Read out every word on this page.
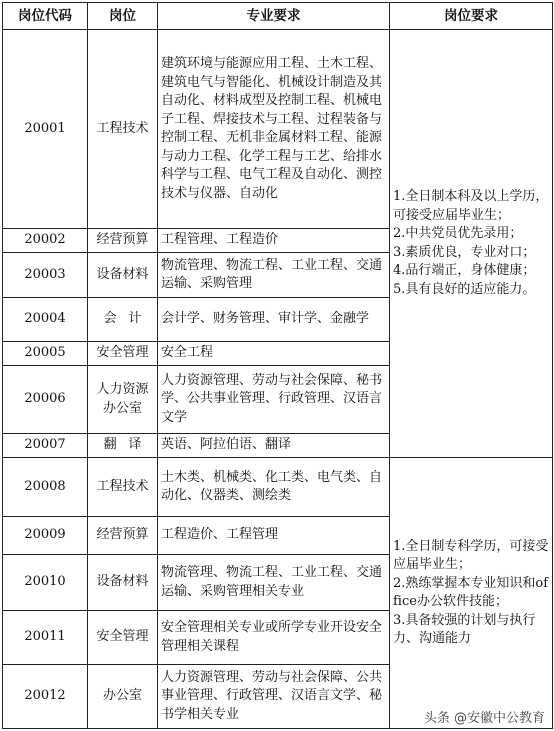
岗位代码	岗位	专业要求	岗位要求
20001	工程技术	建筑环境与能源应用工程、土木工程、建筑电气与智能化、机械设计制造及其自动化、材料成型及控制工程、机械电子工程、焊接技术与工程、过程装备与控制工程、无机非金属材料工程、能源与动力工程、化学工程与工艺、给排水科学与工程、电气工程及自动化、测控技术与仪器、自动化	1.全日制本科及以上学历，可接受应届毕业生；
2.中共党员优先录用；
3.素质优良，专业对口；
4.品行端正，身体健康；
5.具有良好的适应能力。

20002	经营预算	工程管理、工程造价	
20003	设备材料	物流管理、物流工程、工业工程、交通运输、采购管理	
20004	会计	会计学、财务管理、审计学、金融学	
20005	安全管理	安全工程	
20006	人力资源办公室	人力资源管理、劳动与社会保障、秘书学、公共事业管理、行政管理、汉语言文学	
20007	翻译	英语、阿拉伯语、翻译	
20008	工程技术	土木类、机械类、化工类、电气类、自动化、仪器类、测绘类	1.全日制专科学历，可接受应届毕业生；
2.熟练掌握本专业知识和office办公软件技能；
3.具备较强的计划与执行力、沟通能力

20009	经营预算	工程造价、工程管理	
20010	设备材料	物流管理、物流工程、工业工程、交通运输、采购管理相关专业	
20011	安全管理	安全管理相关专业或所学专业开设安全管理相关课程	
20012	办公室	人力资源管理、劳动与社会保障、公共事业管理、行政管理、汉语言文学、秘书学相关专业		头条 @安徽中公教育
